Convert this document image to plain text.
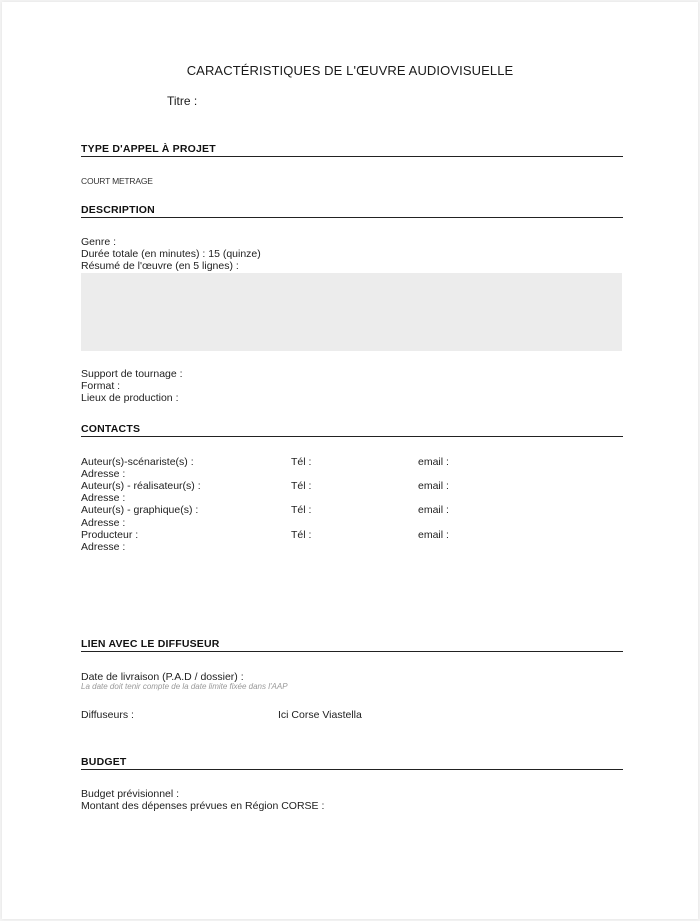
CARACTÉRISTIQUES DE L'ŒUVRE AUDIOVISUELLE
Titre :
TYPE D'APPEL À PROJET
COURT METRAGE
DESCRIPTION
Genre :
Durée totale (en minutes) : 15 (quinze)
Résumé de l'œuvre (en 5 lignes) :
Support de tournage :
Format :
Lieux de production :
CONTACTS
Auteur(s)-scénariste(s) :	Tél :	email :
Adresse :
Auteur(s) - réalisateur(s) :	Tél :	email :
Adresse :
Auteur(s) - graphique(s) :	Tél :	email :
Adresse :
Producteur :	Tél :	email :
Adresse :
LIEN AVEC LE DIFFUSEUR
Date de livraison (P.A.D / dossier) :
La date doit tenir compte de la date limite fixée dans l'AAP
Diffuseurs :	Ici Corse Viastella
BUDGET
Budget prévisionnel :
Montant des dépenses prévues en Région CORSE :
